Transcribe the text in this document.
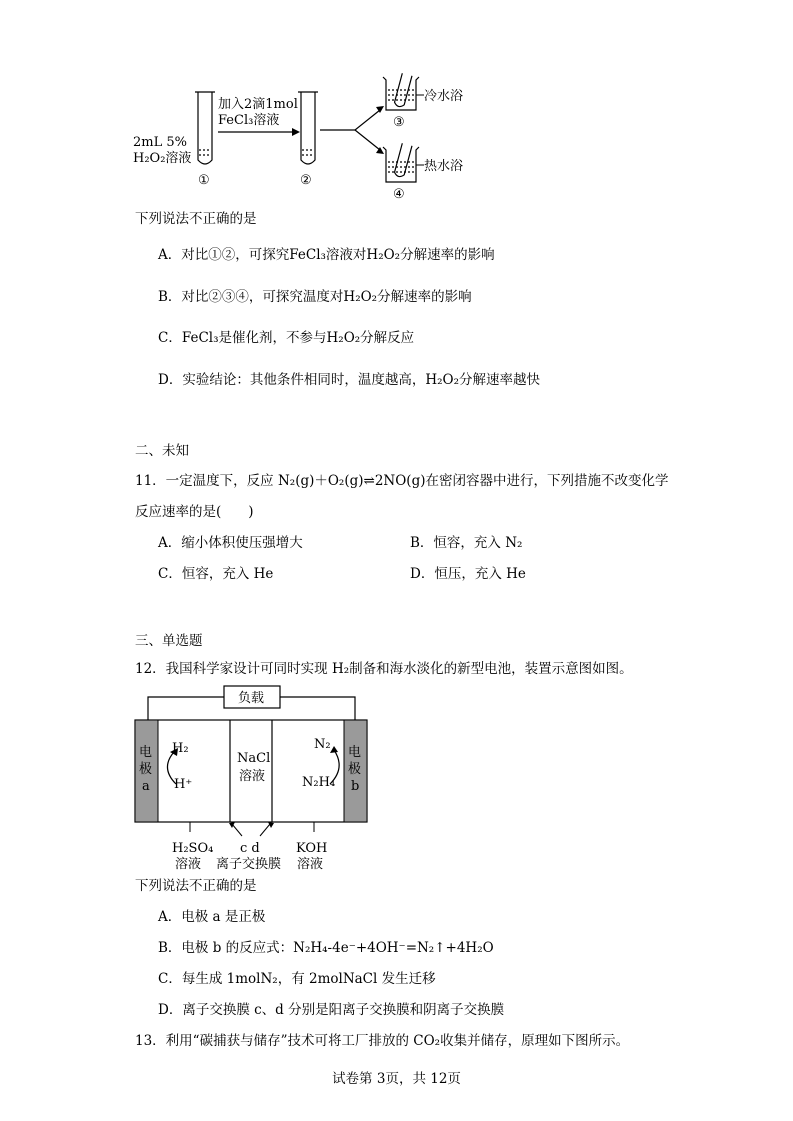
2mL 5%
H₂O₂溶液
①
加入2滴1mol
FeCl₃溶液
②
冷水浴
③
热水浴
④
下列说法不正确的是
A．对比①②，可探究FeCl₃溶液对H₂O₂分解速率的影响
B．对比②③④，可探究温度对H₂O₂分解速率的影响
C．FeCl₃是催化剂，不参与H₂O₂分解反应
D．实验结论：其他条件相同时，温度越高，H₂O₂分解速率越快
二、未知
11．一定温度下，反应 N₂(g)＋O₂(g)⇌2NO(g)在密闭容器中进行，下列措施不改变化学
反应速率的是(　　)
A．缩小体积使压强增大	B．恒容，充入 N₂
C．恒容，充入 He	D．恒压，充入 He
三、单选题
12．我国科学家设计可同时实现 H₂制备和海水淡化的新型电池，装置示意图如图。
负载
电
极
a
电
极
b
H₂
H⁺
NaCl
溶液
N₂
N₂H₄
H₂SO₄
溶液
c d
离子交换膜
KOH
溶液
下列说法不正确的是
A．电极 a 是正极
B．电极 b 的反应式：N₂H₄-4e⁻+4OH⁻=N₂↑+4H₂O
C．每生成 1molN₂，有 2molNaCl 发生迁移
D．离子交换膜 c、d 分别是阳离子交换膜和阴离子交换膜
13．利用“碳捕获与储存”技术可将工厂排放的 CO₂收集并储存，原理如下图所示。
试卷第 3页，共 12页
